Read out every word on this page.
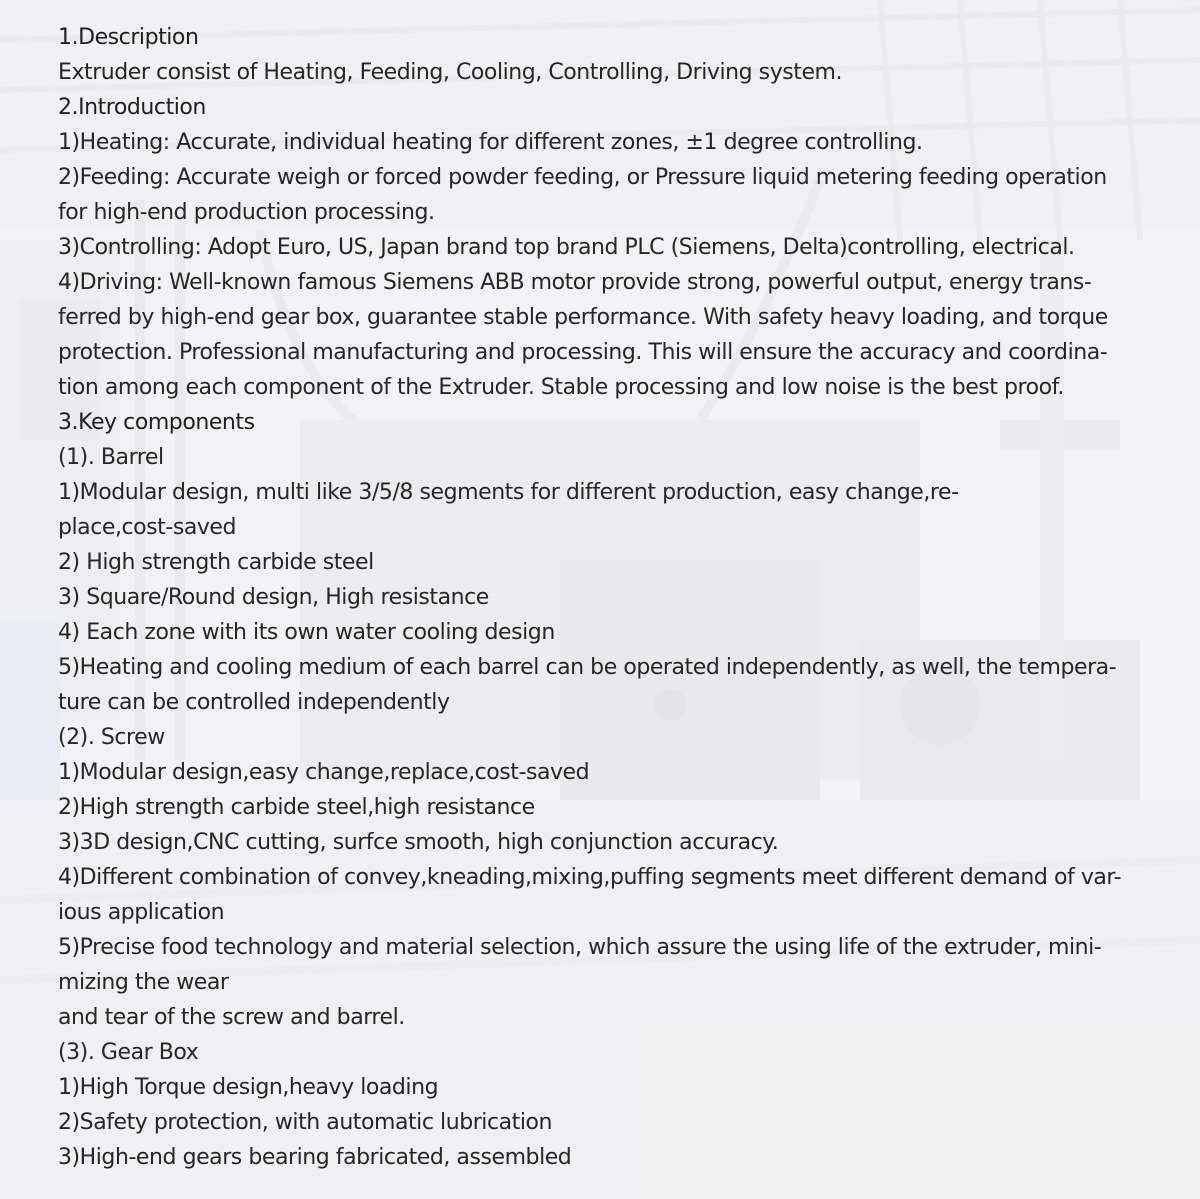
1.Description
Extruder consist of Heating, Feeding, Cooling, Controlling, Driving system.
2.Introduction
1)Heating: Accurate, individual heating for different zones, ±1 degree controlling.
2)Feeding: Accurate weigh or forced powder feeding, or Pressure liquid metering feeding operation
for high-end production processing.
3)Controlling: Adopt Euro, US, Japan brand top brand PLC (Siemens, Delta)controlling, electrical.
4)Driving: Well-known famous Siemens ABB motor provide strong, powerful output, energy trans-
ferred by high-end gear box, guarantee stable performance. With safety heavy loading, and torque
protection. Professional manufacturing and processing. This will ensure the accuracy and coordina-
tion among each component of the Extruder. Stable processing and low noise is the best proof.
3.Key components
(1). Barrel
1)Modular design, multi like 3/5/8 segments for different production, easy change,re-
place,cost-saved
2) High strength carbide steel
3) Square/Round design, High resistance
4) Each zone with its own water cooling design
5)Heating and cooling medium of each barrel can be operated independently, as well, the tempera-
ture can be controlled independently
(2). Screw
1)Modular design,easy change,replace,cost-saved
2)High strength carbide steel,high resistance
3)3D design,CNC cutting, surfce smooth, high conjunction accuracy.
4)Different combination of convey,kneading,mixing,puffing segments meet different demand of var-
ious application
5)Precise food technology and material selection, which assure the using life of the extruder, mini-
mizing the wear
and tear of the screw and barrel.
(3). Gear Box
1)High Torque design,heavy loading
2)Safety protection, with automatic lubrication
3)High-end gears bearing fabricated, assembled
